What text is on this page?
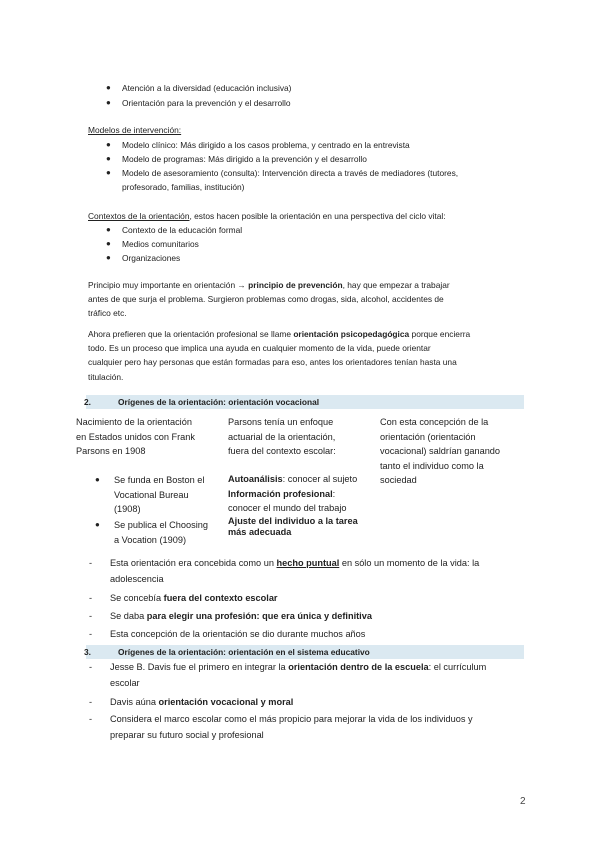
● Atención a la diversidad (educación inclusiva)
● Orientación para la prevención y el desarrollo
Modelos de intervención:
● Modelo clínico: Más dirigido a los casos problema, y centrado en la entrevista
● Modelo de programas: Más dirigido a la prevención y el desarrollo
● Modelo de asesoramiento (consulta): Intervención directa a través de mediadores (tutores,
profesorado, familias, institución)
Contextos de la orientación, estos hacen posible la orientación en una perspectiva del ciclo vital:
● Contexto de la educación formal
● Medios comunitarios
● Organizaciones
Principio muy importante en orientación → principio de prevención, hay que empezar a trabajar
antes de que surja el problema. Surgieron problemas como drogas, sida, alcohol, accidentes de
tráfico etc.
Ahora prefieren que la orientación profesional se llame orientación psicopedagógica porque encierra
todo. Es un proceso que implica una ayuda en cualquier momento de la vida, puede orientar
cualquier pero hay personas que están formadas para eso, antes los orientadores tenían hasta una
titulación.
2.	Orígenes de la orientación: orientación vocacional
Nacimiento de la orientación
en Estados unidos con Frank
Parsons en 1908
● Se funda en Boston el
Vocational Bureau
(1908)
● Se publica el Choosing
a Vocation (1909)
Parsons tenía un enfoque
actuarial de la orientación,
fuera del contexto escolar:
Autoanálisis: conocer al sujeto
Información profesional:
conocer el mundo del trabajo
Ajuste del individuo a la tarea
más adecuada
Con esta concepción de la
orientación (orientación
vocacional) saldrían ganando
tanto el individuo como la
sociedad
- Esta orientación era concebida como un hecho puntual en sólo un momento de la vida: la
adolescencia
- Se concebía fuera del contexto escolar
- Se daba para elegir una profesión: que era única y definitiva
- Esta concepción de la orientación se dio durante muchos años
3.	Orígenes de la orientación: orientación en el sistema educativo
- Jesse B. Davis fue el primero en integrar la orientación dentro de la escuela: el currículum
escolar
- Davis aúna orientación vocacional y moral
- Considera el marco escolar como el más propicio para mejorar la vida de los individuos y
preparar su futuro social y profesional
2
